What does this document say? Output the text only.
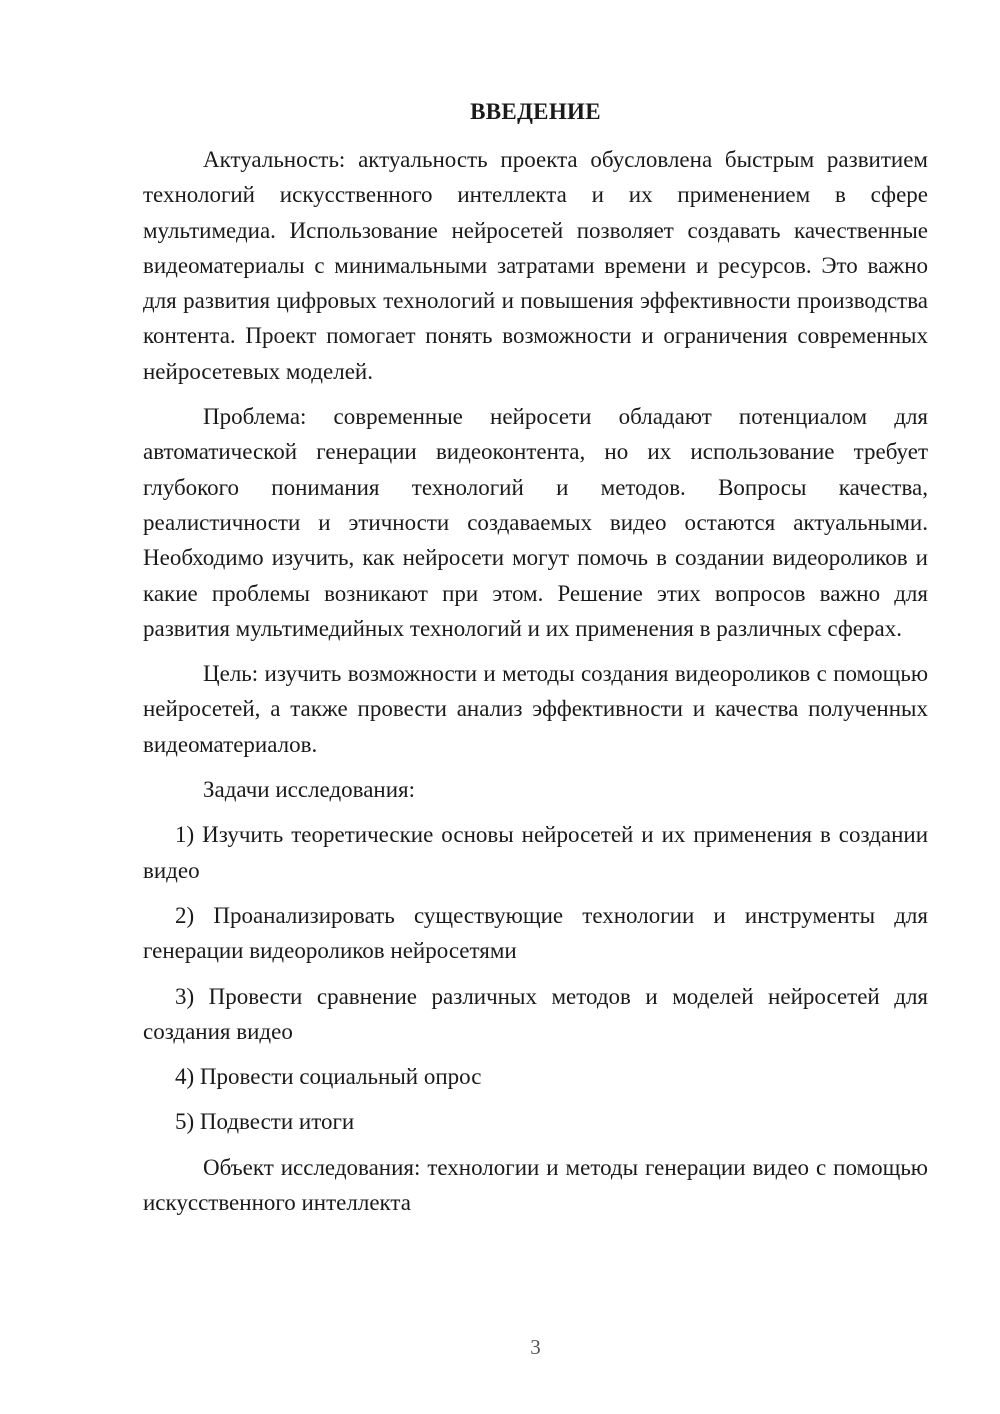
ВВЕДЕНИЕ

Актуальность: актуальность проекта обусловлена быстрым развитием технологий искусственного интеллекта и их применением в сфере мультимедиа. Использование нейросетей позволяет создавать качественные видеоматериалы с минимальными затратами времени и ресурсов. Это важно для развития цифровых технологий и повышения эффективности производства контента. Проект помогает понять возможности и ограничения современных нейросетевых моделей.

Проблема: современные нейросети обладают потенциалом для автоматической генерации видеоконтента, но их использование требует глубокого понимания технологий и методов. Вопросы качества, реалистичности и этичности создаваемых видео остаются актуальными. Необходимо изучить, как нейросети могут помочь в создании видеороликов и какие проблемы возникают при этом. Решение этих вопросов важно для развития мультимедийных технологий и их применения в различных сферах.

Цель: изучить возможности и методы создания видеороликов с помощью нейросетей, а также провести анализ эффективности и качества полученных видеоматериалов.

Задачи исследования:

1) Изучить теоретические основы нейросетей и их применения в создании видео

2) Проанализировать существующие технологии и инструменты для генерации видеороликов нейросетями

3) Провести сравнение различных методов и моделей нейросетей для создания видео

4) Провести социальный опрос

5) Подвести итоги

Объект исследования: технологии и методы генерации видео с помощью искусственного интеллекта

3
